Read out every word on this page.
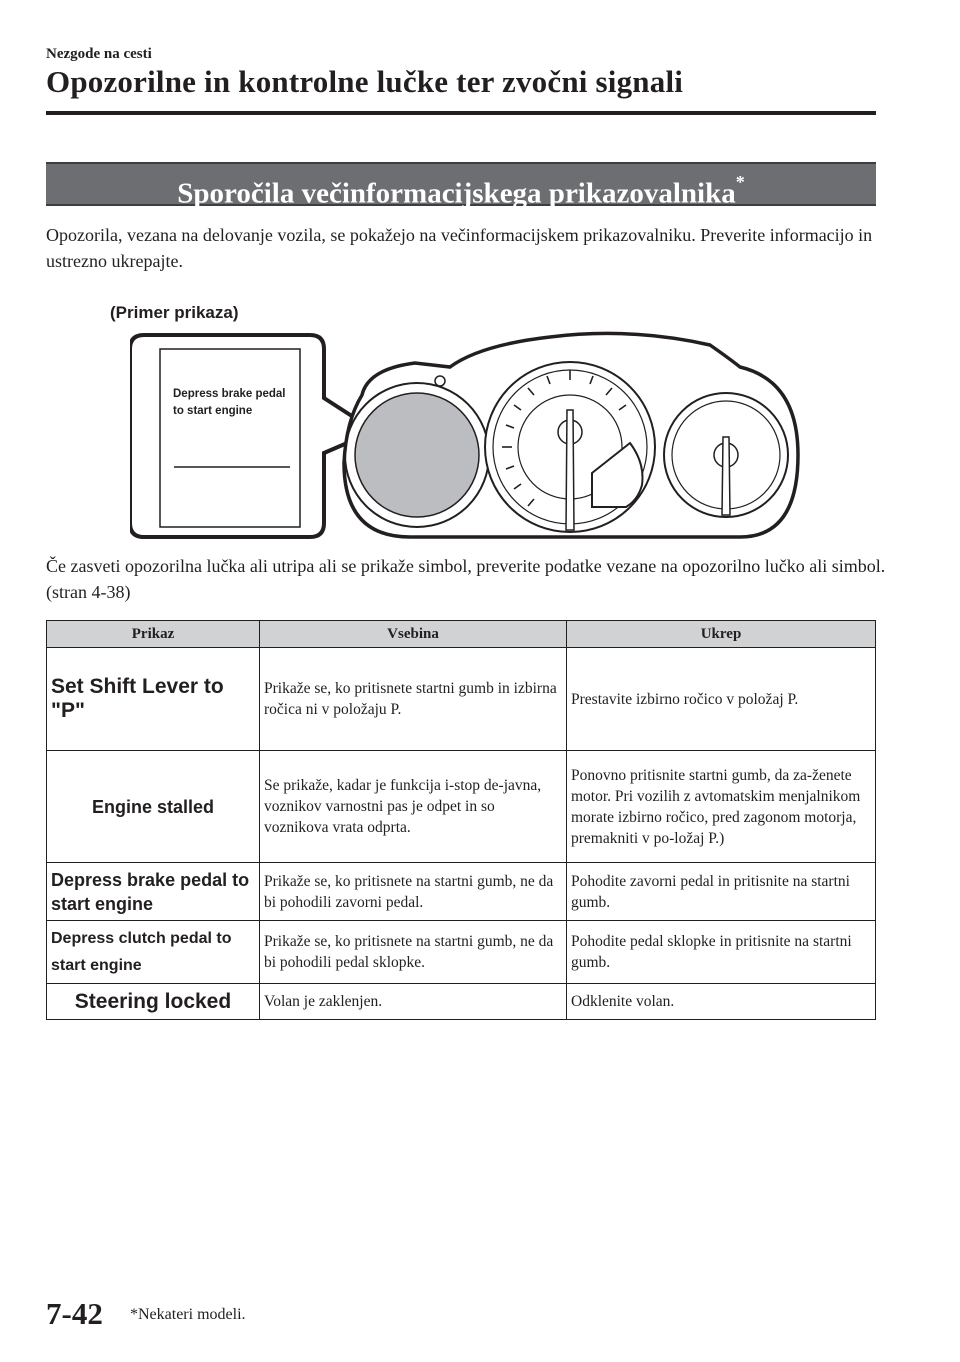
Nezgode na cesti
Opozorilne in kontrolne lučke ter zvočni signali
Sporočila večinformacijskega prikazovalnika*
Opozorila, vezana na delovanje vozila, se pokažejo na večinformacijskem prikazovalniku. Preverite informacijo in ustrezno ukrepajte.
(Primer prikaza)
Depress brake pedal
to start engine
Če zasveti opozorilna lučka ali utripa ali se prikaže simbol, preverite podatke vezane na opozorilno lučko ali simbol. (stran 4-38)
Prikaz	Vsebina	Ukrep
Set Shift Lever to "P"	Prikaže se, ko pritisnete startni gumb in izbirna ročica ni v položaju P.	Prestavite izbirno ročico v položaj P.
Engine stalled	Se prikaže, kadar je funkcija i-stop de-javna, voznikov varnostni pas je odpet in so voznikova vrata odprta.	Ponovno pritisnite startni gumb, da za-ženete motor. Pri vozilih z avtomatskim menjalnikom morate izbirno ročico, pred zagonom motorja, premakniti v po-ložaj P.)
Depress brake pedal to start engine	Prikaže se, ko pritisnete na startni gumb, ne da bi pohodili zavorni pedal.	Pohodite zavorni pedal in pritisnite na startni gumb.
Depress clutch pedal to start engine	Prikaže se, ko pritisnete na startni gumb, ne da bi pohodili pedal sklopke.	Pohodite pedal sklopke in pritisnite na startni gumb.
Steering locked	Volan je zaklenjen.	Odklenite volan.
7-42 *Nekateri modeli.
